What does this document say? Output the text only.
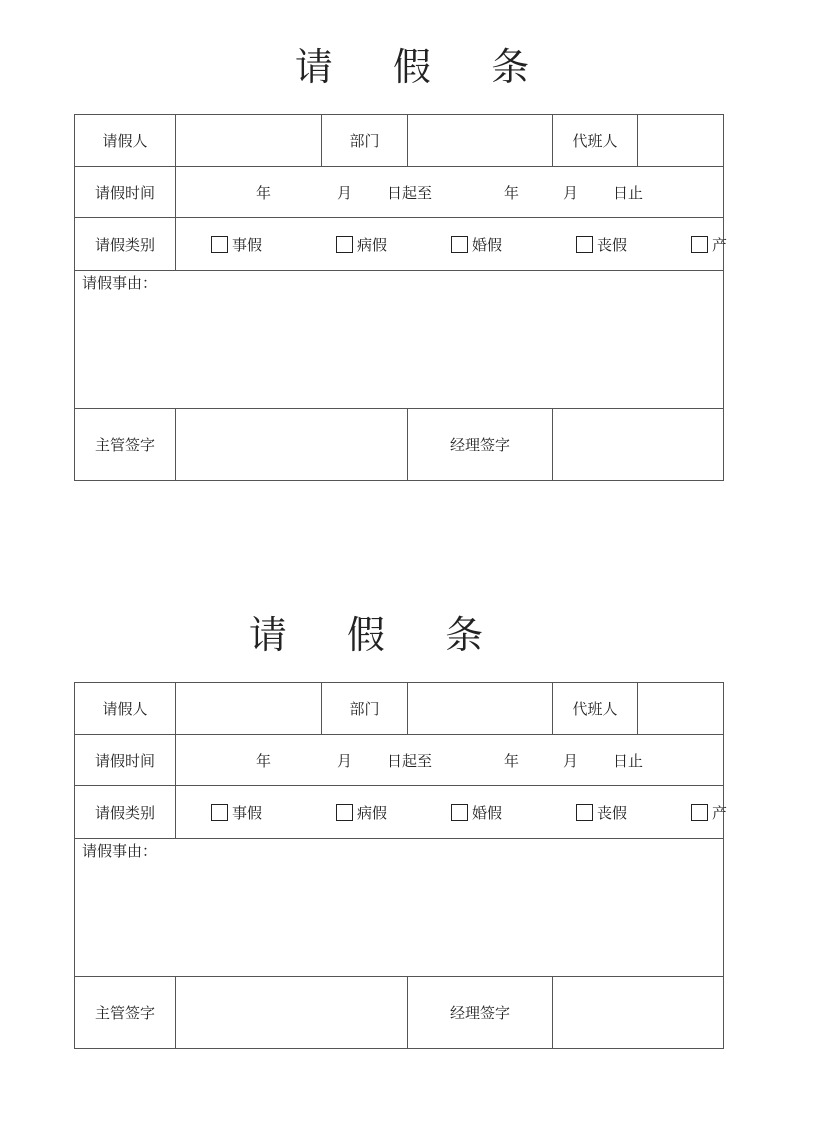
请 假 条
请假人	部门	代班人
请假时间	年	月 日起至	年	月 日止
请假类别	事假	病假	婚假	丧假	产
请假事由：
主管签字	经理签字
请 假 条
请假人	部门	代班人
请假时间	年	月 日起至	年	月 日止
请假类别	事假	病假	婚假	丧假	产
请假事由：
主管签字	经理签字
